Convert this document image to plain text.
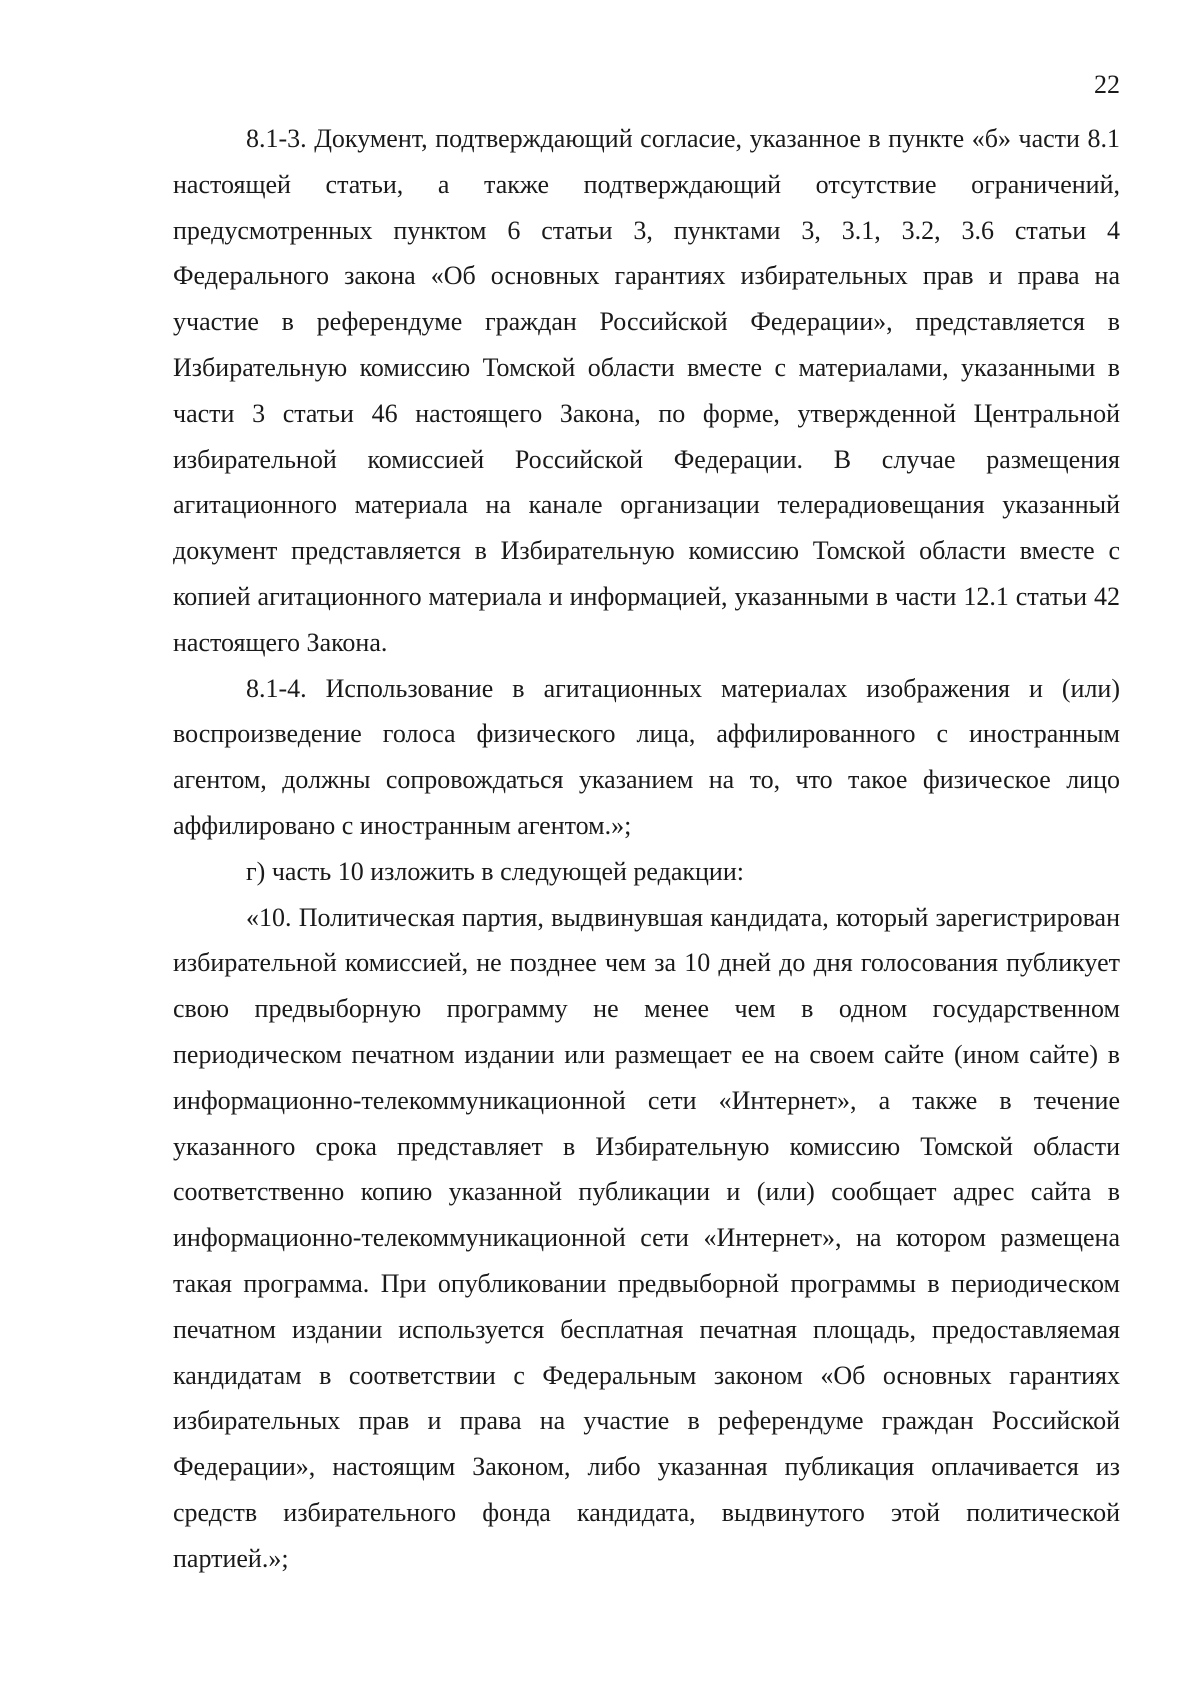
22

8.1-3. Документ, подтверждающий согласие, указанное в пункте «б» части 8.1 настоящей статьи, а также подтверждающий отсутствие ограничений, предусмотренных пунктом 6 статьи 3, пунктами 3, 3.1, 3.2, 3.6 статьи 4 Федерального закона «Об основных гарантиях избирательных прав и права на участие в референдуме граждан Российской Федерации», представляется в Избирательную комиссию Томской области вместе с материалами, указанными в части 3 статьи 46 настоящего Закона, по форме, утвержденной Центральной избирательной комиссией Российской Федерации. В случае размещения агитационного материала на канале организации телерадиовещания указанный документ представляется в Избирательную комиссию Томской области вместе с копией агитационного материала и информацией, указанными в части 12.1 статьи 42 настоящего Закона.

8.1-4. Использование в агитационных материалах изображения и (или) воспроизведение голоса физического лица, аффилированного с иностранным агентом, должны сопровождаться указанием на то, что такое физическое лицо аффилировано с иностранным агентом.»;

г) часть 10 изложить в следующей редакции:

«10. Политическая партия, выдвинувшая кандидата, который зарегистрирован избирательной комиссией, не позднее чем за 10 дней до дня голосования публикует свою предвыборную программу не менее чем в одном государственном периодическом печатном издании или размещает ее на своем сайте (ином сайте) в информационно-телекоммуникационной сети «Интернет», а также в течение указанного срока представляет в Избирательную комиссию Томской области соответственно копию указанной публикации и (или) сообщает адрес сайта в информационно-телекоммуникационной сети «Интернет», на котором размещена такая программа. При опубликовании предвыборной программы в периодическом печатном издании используется бесплатная печатная площадь, предоставляемая кандидатам в соответствии с Федеральным законом «Об основных гарантиях избирательных прав и права на участие в референдуме граждан Российской Федерации», настоящим Законом, либо указанная публикация оплачивается из средств избирательного фонда кандидата, выдвинутого этой политической партией.»;
